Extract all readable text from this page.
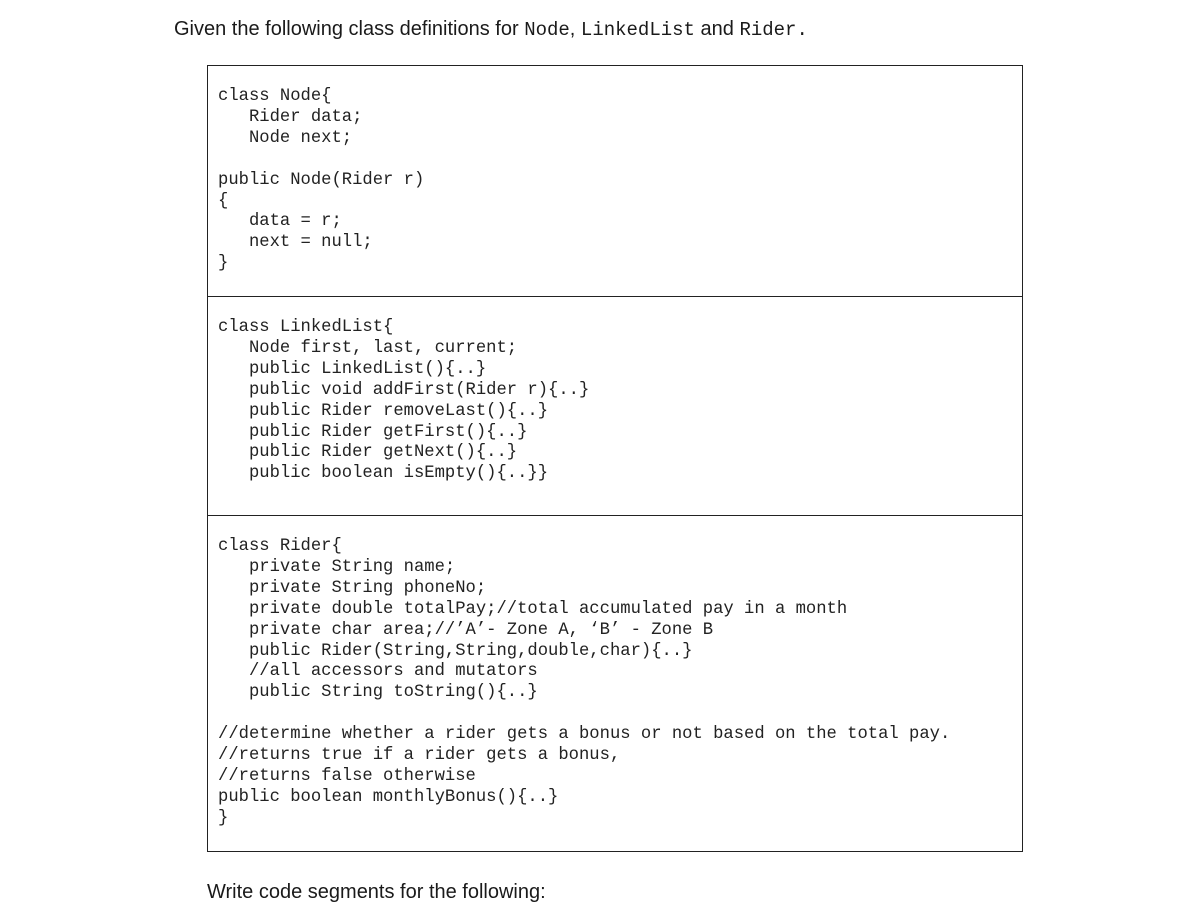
Given the following class definitions for Node, LinkedList and Rider.
class Node{
Rider data;
Node next;

public Node(Rider r)
{
data = r;
next = null;
}
class LinkedList{
Node first, last, current;
public LinkedList(){..}
public void addFirst(Rider r){..}
public Rider removeLast(){..}
public Rider getFirst(){..}
public Rider getNext(){..}
public boolean isEmpty(){..}}
class Rider{
private String name;
private String phoneNo;
private double totalPay;//total accumulated pay in a month
private char area;//’A’- Zone A, ‘B’ - Zone B
public Rider(String,String,double,char){..}
//all accessors and mutators
public String toString(){..}

//determine whether a rider gets a bonus or not based on the total pay.
//returns true if a rider gets a bonus,
//returns false otherwise
public boolean monthlyBonus(){..}
}
Write code segments for the following:
